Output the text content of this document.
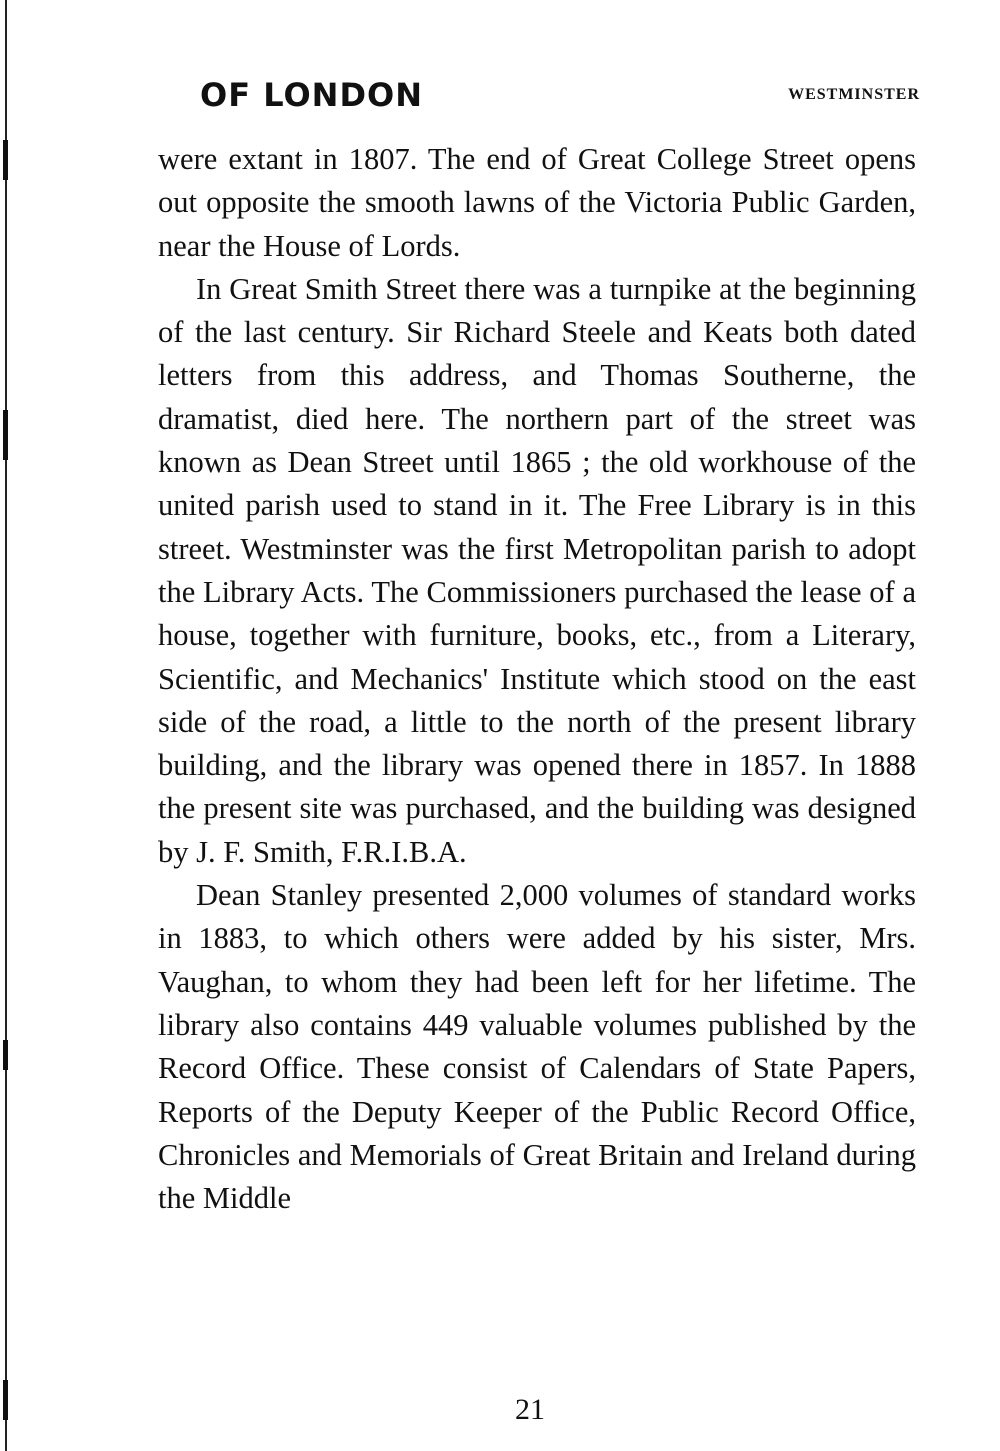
OF LONDON	WESTMINSTER

were extant in 1807. The end of Great College Street opens out opposite the smooth lawns of the Victoria Public Garden, near the House of Lords.

In Great Smith Street there was a turnpike at the beginning of the last century. Sir Richard Steele and Keats both dated letters from this address, and Thomas Southerne, the dramatist, died here. The northern part of the street was known as Dean Street until 1865 ; the old workhouse of the united parish used to stand in it. The Free Library is in this street. Westminster was the first Metropolitan parish to adopt the Library Acts. The Commissioners purchased the lease of a house, together with furniture, books, etc., from a Literary, Scientific, and Mechanics' Institute which stood on the east side of the road, a little to the north of the present library building, and the library was opened there in 1857. In 1888 the present site was purchased, and the building was designed by J. F. Smith, F.R.I.B.A.

Dean Stanley presented 2,000 volumes of standard works in 1883, to which others were added by his sister, Mrs. Vaughan, to whom they had been left for her lifetime. The library also contains 449 valuable volumes published by the Record Office. These consist of Calendars of State Papers, Reports of the Deputy Keeper of the Public Record Office, Chronicles and Memorials of Great Britain and Ireland during the Middle

21
